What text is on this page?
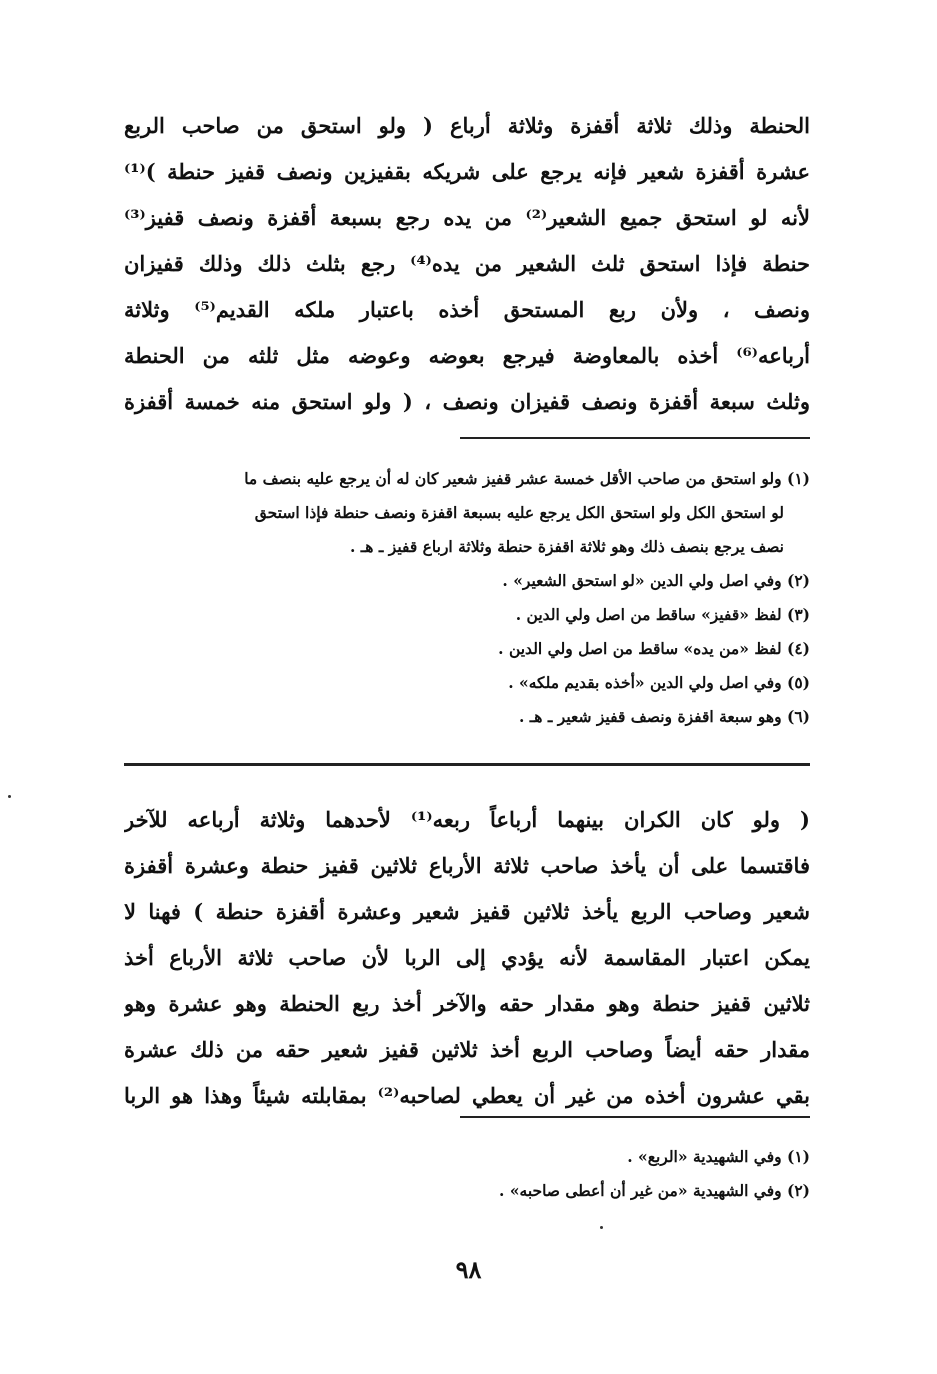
الحنطة وذلك ثلاثة أقفزة وثلاثة أرباع ( ولو استحق من صاحب الربع
عشرة أقفزة شعير فإنه يرجع على شريكه بقفيزين ونصف قفيز حنطة )⁽¹⁾
لأنه لو استحق جميع الشعير⁽²⁾ من يده رجع بسبعة أقفزة ونصف قفيز⁽³⁾
حنطة فإذا استحق ثلث الشعير من يده⁽⁴⁾ رجع بثلث ذلك وذلك قفيزان
ونصف ، ولأن ربع المستحق أخذه باعتبار ملكه القديم⁽⁵⁾ وثلاثة
أرباعه⁽⁶⁾ أخذه بالمعاوضة فيرجع بعوضه وعوضه مثل ثلثه من الحنطة
وثلث سبعة أقفزة ونصف قفيزان ونصف ، ( ولو استحق منه خمسة أقفزة
(١) ولو استحق من صاحب الأقل خمسة عشر قفيز شعير كان له أن يرجع عليه بنصف ما
لو استحق الكل ولو استحق الكل يرجع عليه بسبعة اقفزة ونصف حنطة فإذا استحق
نصف يرجع بنصف ذلك وهو ثلاثة اقفزة حنطة وثلاثة ارباع قفيز ـ هـ .
(٢) وفي اصل ولي الدين «لو استحق الشعير» .
(٣) لفظ «قفيز» ساقط من اصل ولي الدين .
(٤) لفظ «من يده» ساقط من اصل ولي الدين .
(٥) وفي اصل ولي الدين «أخذه بقديم ملكه» .
(٦) وهو سبعة اقفزة ونصف قفيز شعير ـ هـ .
( ولو كان الكران بينهما أرباعاً ربعه⁽¹⁾ لأحدهما وثلاثة أرباعه للآخر
فاقتسما على أن يأخذ صاحب ثلاثة الأرباع ثلاثين قفيز حنطة وعشرة أقفزة
شعير وصاحب الربع يأخذ ثلاثين قفيز شعير وعشرة أقفزة حنطة ) فهنا لا
يمكن اعتبار المقاسمة لأنه يؤدي إلى الربا لأن صاحب ثلاثة الأرباع أخذ
ثلاثين قفيز حنطة وهو مقدار حقه والآخر أخذ ربع الحنطة وهو عشرة وهو
مقدار حقه أيضاً وصاحب الربع أخذ ثلاثين قفيز شعير حقه من ذلك عشرة
بقي عشرون أخذه من غير أن يعطي لصاحبه⁽²⁾ بمقابلته شيئاً وهذا هو الربا
(١) وفي الشهيدية «الربع» .
(٢) وفي الشهيدية «من غير أن أعطى صاحبه» .
٩٨
